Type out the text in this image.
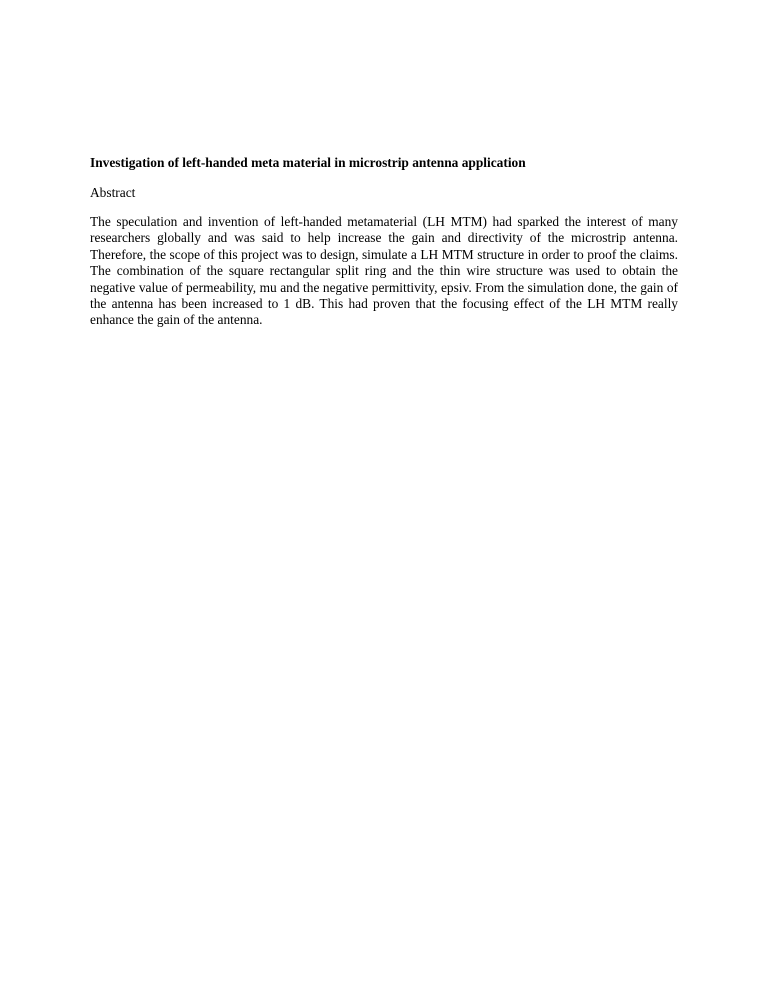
Investigation of left-handed meta material in microstrip antenna application

Abstract

The speculation and invention of left-handed metamaterial (LH MTM) had sparked the interest of many researchers globally and was said to help increase the gain and directivity of the microstrip antenna. Therefore, the scope of this project was to design, simulate a LH MTM structure in order to proof the claims. The combination of the square rectangular split ring and the thin wire structure was used to obtain the negative value of permeability, mu and the negative permittivity, epsiv. From the simulation done, the gain of the antenna has been increased to 1 dB. This had proven that the focusing effect of the LH MTM really enhance the gain of the antenna.
